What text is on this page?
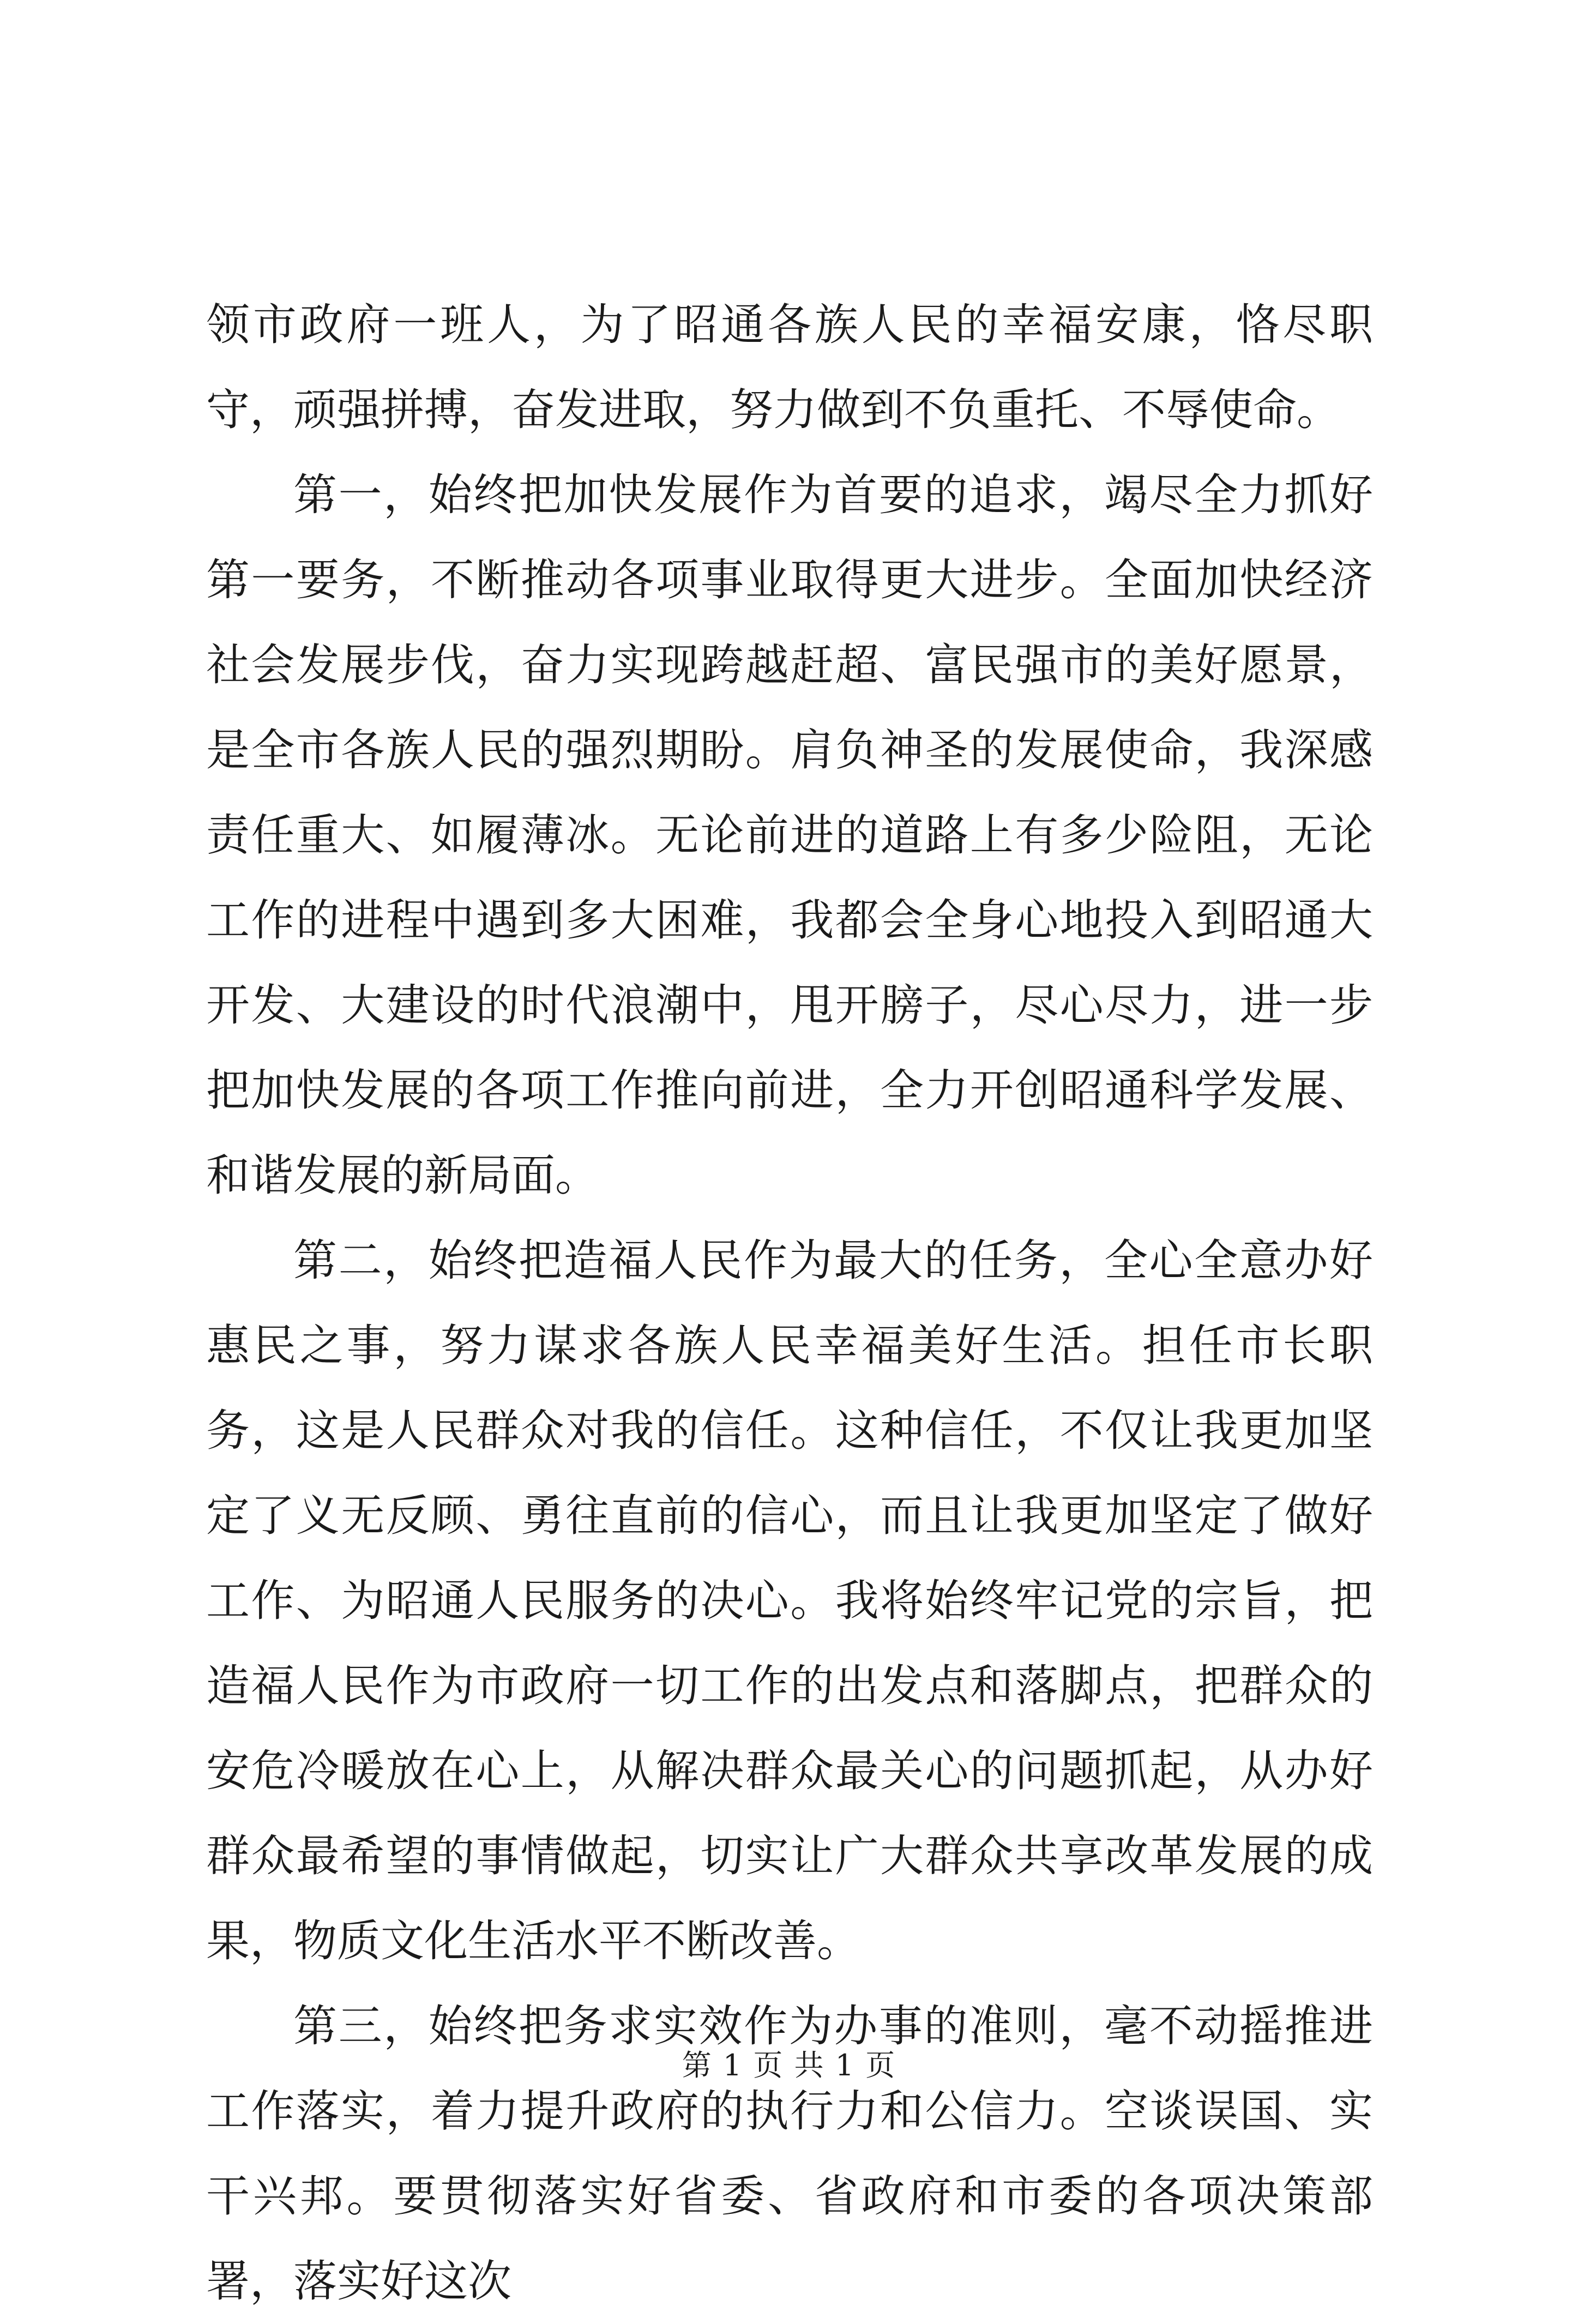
领市政府一班人，为了昭通各族人民的幸福安康，恪尽职守，顽强拼搏，奋发进取，努力做到不负重托、不辱使命。

第一，始终把加快发展作为首要的追求，竭尽全力抓好第一要务，不断推动各项事业取得更大进步。全面加快经济社会发展步伐，奋力实现跨越赶超、富民强市的美好愿景，是全市各族人民的强烈期盼。肩负神圣的发展使命，我深感责任重大、如履薄冰。无论前进的道路上有多少险阻，无论工作的进程中遇到多大困难，我都会全身心地投入到昭通大开发、大建设的时代浪潮中，甩开膀子，尽心尽力，进一步把加快发展的各项工作推向前进，全力开创昭通科学发展、和谐发展的新局面。

第二，始终把造福人民作为最大的任务，全心全意办好惠民之事，努力谋求各族人民幸福美好生活。担任市长职务，这是人民群众对我的信任。这种信任，不仅让我更加坚定了义无反顾、勇往直前的信心，而且让我更加坚定了做好工作、为昭通人民服务的决心。我将始终牢记党的宗旨，把造福人民作为市政府一切工作的出发点和落脚点，把群众的安危冷暖放在心上，从解决群众最关心的问题抓起，从办好群众最希望的事情做起，切实让广大群众共享改革发展的成果，物质文化生活水平不断改善。

第三，始终把务求实效作为办事的准则，毫不动摇推进工作落实，着力提升政府的执行力和公信力。空谈误国、实干兴邦。要贯彻落实好省委、省政府和市委的各项决策部署，落实好这次

第 1 页 共 1 页
